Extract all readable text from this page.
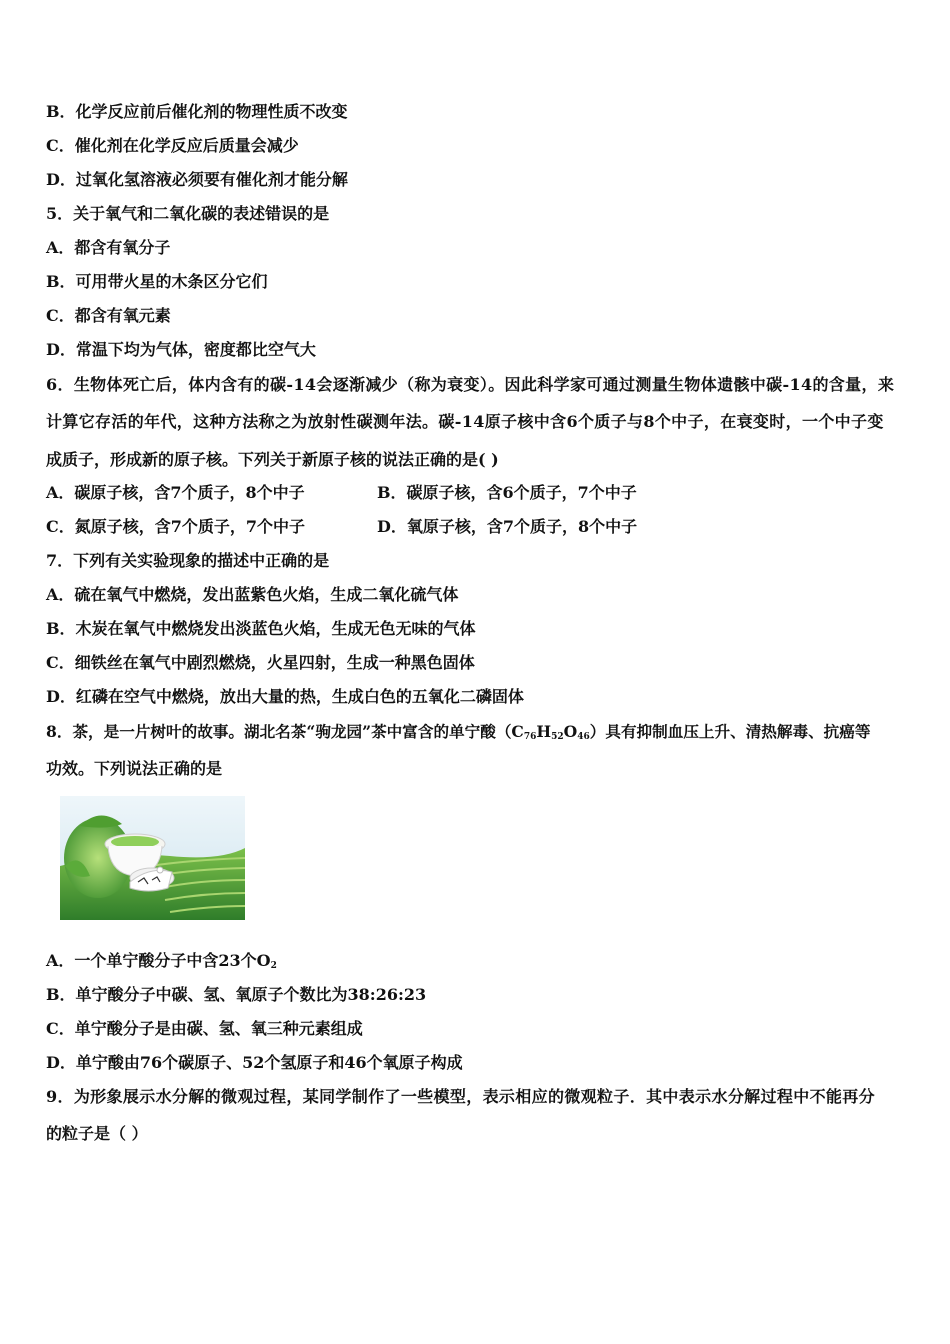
B．化学反应前后催化剂的物理性质不改变
C．催化剂在化学反应后质量会减少
D．过氧化氢溶液必须要有催化剂才能分解
5．关于氧气和二氧化碳的表述错误的是
A．都含有氧分子
B．可用带火星的木条区分它们
C．都含有氧元素
D．常温下均为气体，密度都比空气大
6．生物体死亡后，体内含有的碳-14会逐渐减少（称为衰变）。因此科学家可通过测量生物体遗骸中碳-14的含量，来
计算它存活的年代，这种方法称之为放射性碳测年法。碳-14原子核中含6个质子与8个中子，在衰变时，一个中子变
成质子，形成新的原子核。下列关于新原子核的说法正确的是( )
A．碳原子核，含7个质子，8个中子	B．碳原子核，含6个质子，7个中子
C．氮原子核，含7个质子，7个中子	D．氧原子核，含7个质子，8个中子
7．下列有关实验现象的描述中正确的是
A．硫在氧气中燃烧，发出蓝紫色火焰，生成二氧化硫气体
B．木炭在氧气中燃烧发出淡蓝色火焰，生成无色无味的气体
C．细铁丝在氧气中剧烈燃烧，火星四射，生成一种黑色固体
D．红磷在空气中燃烧，放出大量的热，生成白色的五氧化二磷固体
8．茶，是一片树叶的故事。湖北名茶“驹龙园”茶中富含的单宁酸$(C_{76}H_{52}O_{46})$具有抑制血压上升、清热解毒、抗癌等
功效。下列说法正确的是
A．一个单宁酸分子中含23个$O_2$
B．单宁酸分子中碳、氢、氧原子个数比为38:26:23
C．单宁酸分子是由碳、氢、氧三种元素组成
D．单宁酸由76个碳原子、52个氢原子和46个氧原子构成
9．为形象展示水分解的微观过程，某同学制作了一些模型，表示相应的微观粒子．其中表示水分解过程中不能再分
的粒子是（ ）
